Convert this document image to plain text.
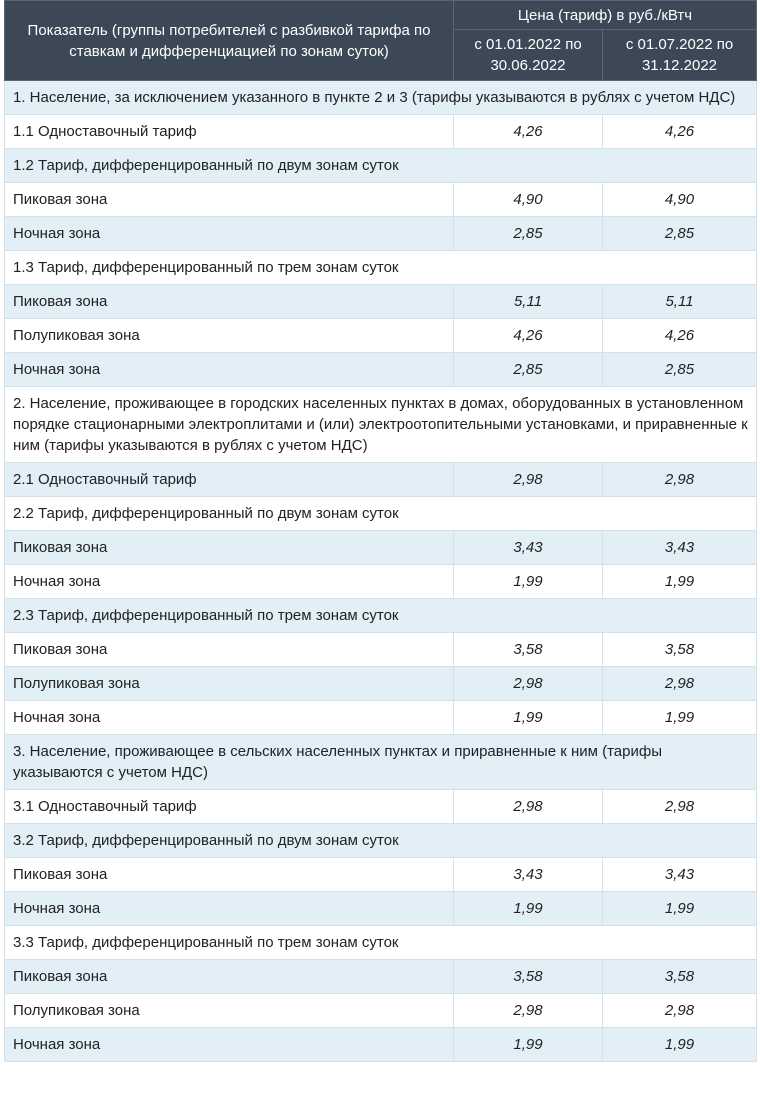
Показатель (группы потребителей с разбивкой тарифа по ставкам и дифференциацией по зонам суток)	Цена (тариф) в руб./кВтч	
	с 01.01.2022 по 30.06.2022	с 01.07.2022 по 31.12.2022
1. Население, за исключением указанного в пункте 2 и 3 (тарифы указываются в рублях с учетом НДС)		
1.1 Одноставочный тариф	4,26	4,26
1.2 Тариф, дифференцированный по двум зонам суток		
Пиковая зона	4,90	4,90
Ночная зона	2,85	2,85
1.3 Тариф, дифференцированный по трем зонам суток		
Пиковая зона	5,11	5,11
Полупиковая зона	4,26	4,26
Ночная зона	2,85	2,85
2. Население, проживающее в городских населенных пунктах в домах, оборудованных в установленном порядке стационарными электроплитами и (или) электроотопительными установками, и приравненные к ним (тарифы указываются в рублях с учетом НДС)		
2.1 Одноставочный тариф	2,98	2,98
2.2 Тариф, дифференцированный по двум зонам суток		
Пиковая зона	3,43	3,43
Ночная зона	1,99	1,99
2.3 Тариф, дифференцированный по трем зонам суток		
Пиковая зона	3,58	3,58
Полупиковая зона	2,98	2,98
Ночная зона	1,99	1,99
3. Население, проживающее в сельских населенных пунктах и приравненные к ним (тарифы указываются с учетом НДС)		
3.1 Одноставочный тариф	2,98	2,98
3.2 Тариф, дифференцированный по двум зонам суток		
Пиковая зона	3,43	3,43
Ночная зона	1,99	1,99
3.3 Тариф, дифференцированный по трем зонам суток		
Пиковая зона	3,58	3,58
Полупиковая зона	2,98	2,98
Ночная зона	1,99	1,99
